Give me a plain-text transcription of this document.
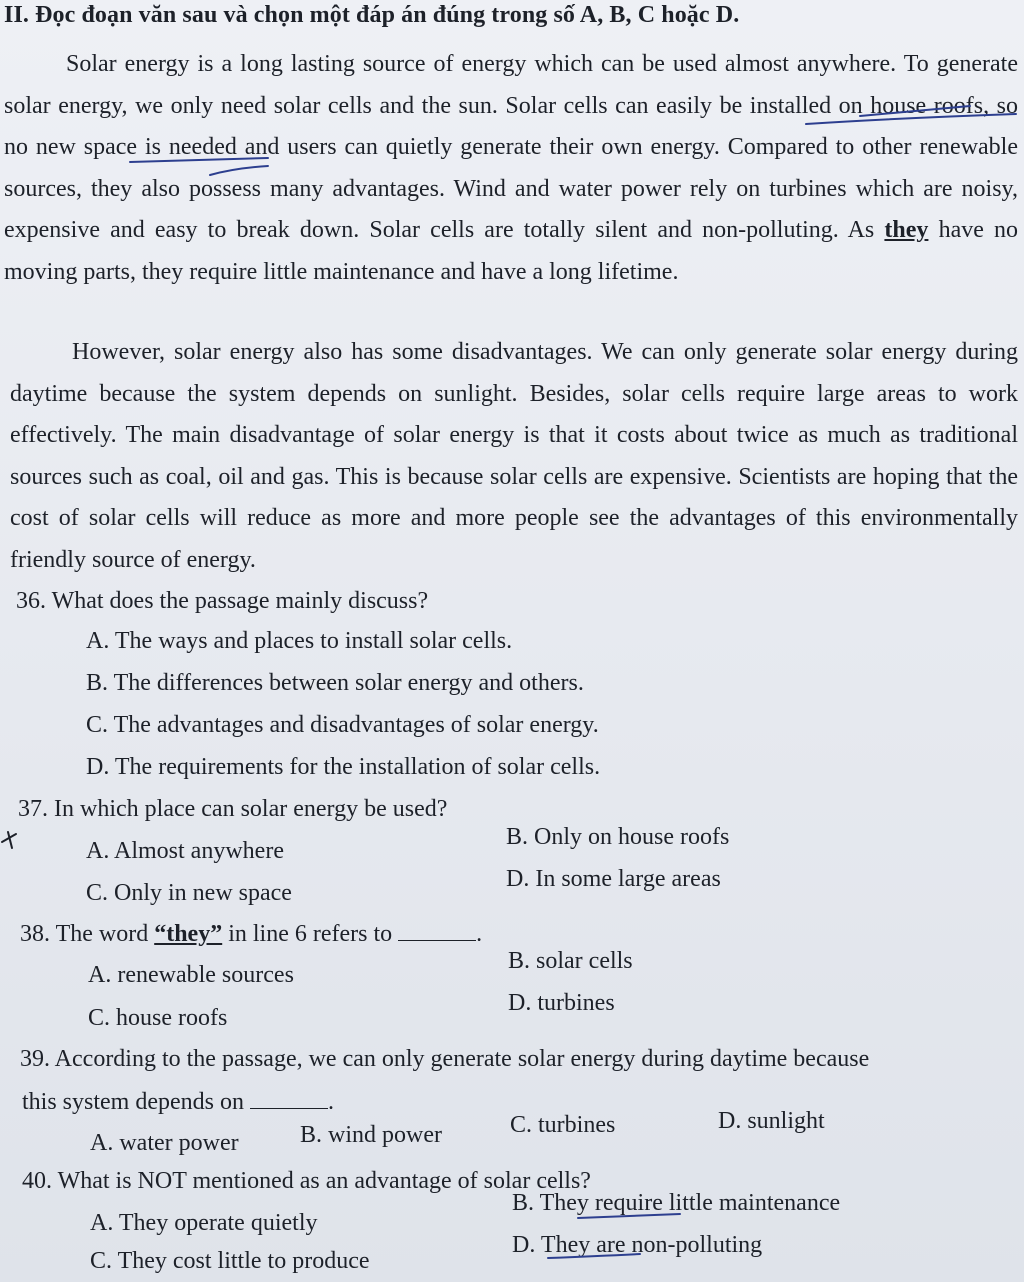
II. Đọc đoạn văn sau và chọn một đáp án đúng trong số A, B, C hoặc D.
Solar energy is a long lasting source of energy which can be used almost anywhere. To generate solar energy, we only need solar cells and the sun. Solar cells can easily be installed on house roofs, so no new space is needed and users can quietly generate their own energy. Compared to other renewable sources, they also possess many advantages. Wind and water power rely on turbines which are noisy, expensive and easy to break down. Solar cells are totally silent and non-polluting. As they have no moving parts, they require little maintenance and have a long lifetime.
However, solar energy also has some disadvantages. We can only generate solar energy during daytime because the system depends on sunlight. Besides, solar cells require large areas to work effectively. The main disadvantage of solar energy is that it costs about twice as much as traditional sources such as coal, oil and gas. This is because solar cells are expensive. Scientists are hoping that the cost of solar cells will reduce as more and more people see the advantages of this environmentally friendly source of energy.
36. What does the passage mainly discuss?
A. The ways and places to install solar cells.
B. The differences between solar energy and others.
C. The advantages and disadvantages of solar energy.
D. The requirements for the installation of solar cells.
37. In which place can solar energy be used?
A. Almost anywhere
B. Only on house roofs
C. Only in new space
D. In some large areas
38. The word “they” in line 6 refers to	.
A. renewable sources
B. solar cells
C. house roofs
D. turbines
39. According to the passage, we can only generate solar energy during daytime because
this system depends on	.
A. water power	B. wind power	C. turbines	D. sunlight
40. What is NOT mentioned as an advantage of solar cells?
A. They operate quietly
B. They require little maintenance
C. They cost little to produce
D. They are non-polluting
